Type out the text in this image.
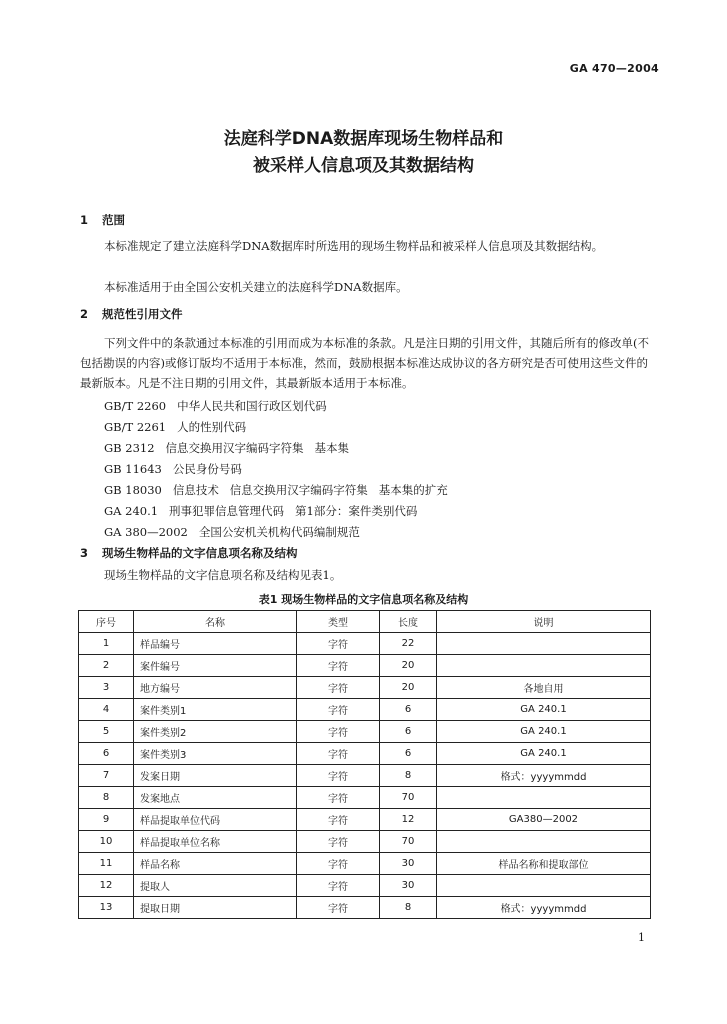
GA 470—2004
法庭科学DNA数据库现场生物样品和
被采样人信息项及其数据结构
1 范围
本标准规定了建立法庭科学DNA数据库时所选用的现场生物样品和被采样人信息项及其数据结构。
本标准适用于由全国公安机关建立的法庭科学DNA数据库。
2 规范性引用文件
下列文件中的条款通过本标准的引用而成为本标准的条款。凡是注日期的引用文件，其随后所有的修改单(不包括勘误的内容)或修订版均不适用于本标准，然而，鼓励根据本标准达成协议的各方研究是否可使用这些文件的最新版本。凡是不注日期的引用文件，其最新版本适用于本标准。
GB/T 2260   中华人民共和国行政区划代码
GB/T 2261   人的性别代码
GB 2312   信息交换用汉字编码字符集   基本集
GB 11643   公民身份号码
GB 18030   信息技术   信息交换用汉字编码字符集   基本集的扩充
GA 240.1   刑事犯罪信息管理代码   第1部分：案件类别代码
GA 380—2002   全国公安机关机构代码编制规范
3 现场生物样品的文字信息项名称及结构
现场生物样品的文字信息项名称及结构见表1。
表1 现场生物样品的文字信息项名称及结构
序号	名称	类型	长度	说明
1	样品编号	字符	22	
2	案件编号	字符	20	
3	地方编号	字符	20	各地自用
4	案件类别1	字符	6	GA 240.1
5	案件类别2	字符	6	GA 240.1
6	案件类别3	字符	6	GA 240.1
7	发案日期	字符	8	格式：yyyymmdd
8	发案地点	字符	70	
9	样品提取单位代码	字符	12	GA380—2002
10	样品提取单位名称	字符	70	
11	样品名称	字符	30	样品名称和提取部位
12	提取人	字符	30	
13	提取日期	字符	8	格式：yyyymmdd
1
